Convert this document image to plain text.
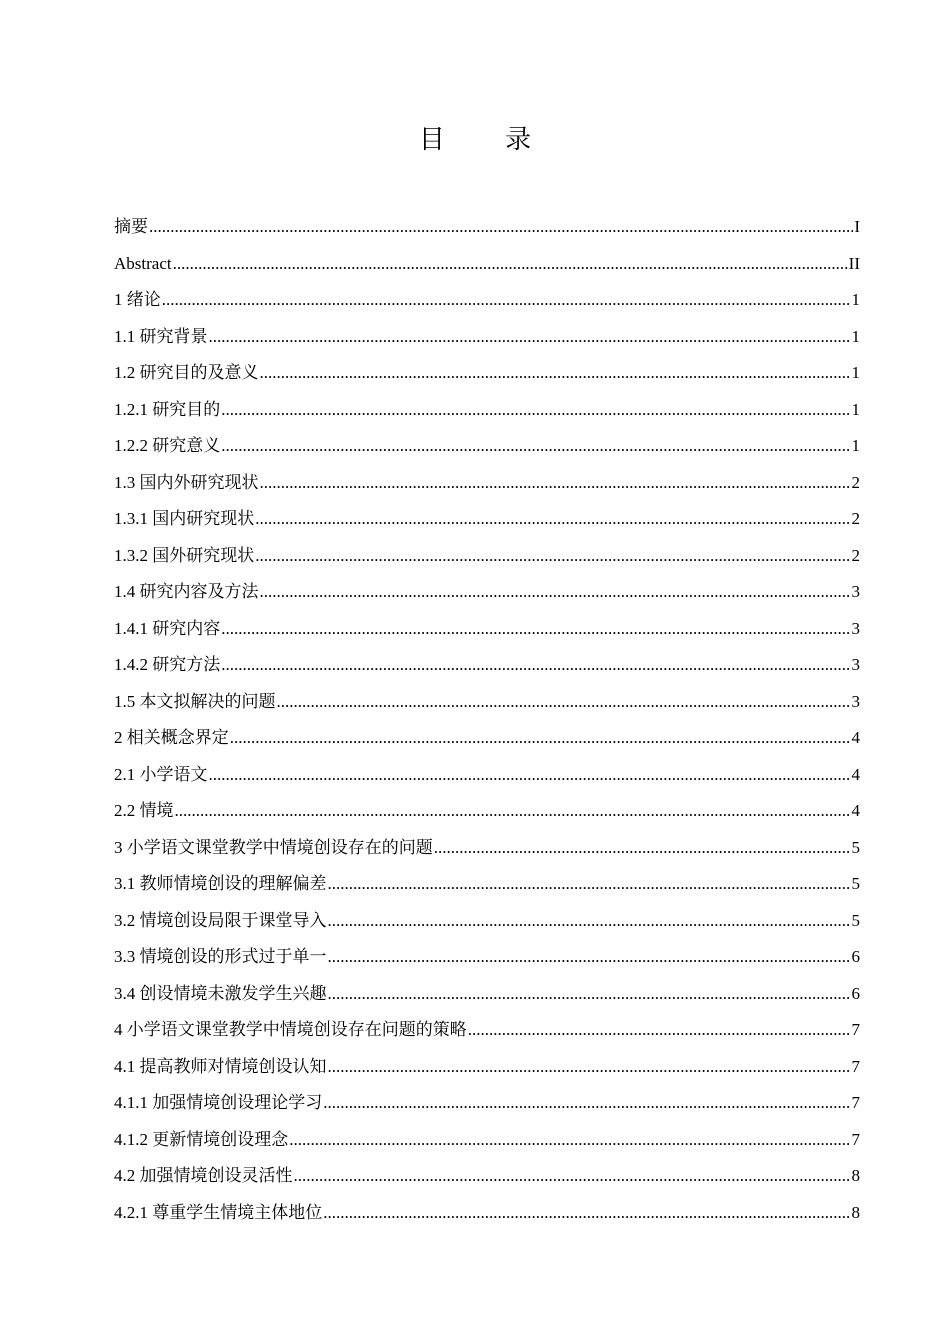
目 录
摘要 .....	I
Abstract .....	II
1 绪论 .....	1
1.1 研究背景 .....	1
1.2 研究目的及意义 .....	1
1.2.1 研究目的 .....	1
1.2.2 研究意义 .....	1
1.3 国内外研究现状 .....	2
1.3.1 国内研究现状 .....	2
1.3.2 国外研究现状 .....	2
1.4 研究内容及方法 .....	3
1.4.1 研究内容 .....	3
1.4.2 研究方法 .....	3
1.5 本文拟解决的问题 .....	3
2 相关概念界定 .....	4
2.1 小学语文 .....	4
2.2 情境 .....	4
3 小学语文课堂教学中情境创设存在的问题 .....	5
3.1 教师情境创设的理解偏差 .....	5
3.2 情境创设局限于课堂导入 .....	5
3.3 情境创设的形式过于单一 .....	6
3.4 创设情境未激发学生兴趣 .....	6
4 小学语文课堂教学中情境创设存在问题的策略 .....	7
4.1 提高教师对情境创设认知 .....	7
4.1.1 加强情境创设理论学习 .....	7
4.1.2 更新情境创设理念 .....	7
4.2 加强情境创设灵活性 .....	8
4.2.1 尊重学生情境主体地位 .....	8
